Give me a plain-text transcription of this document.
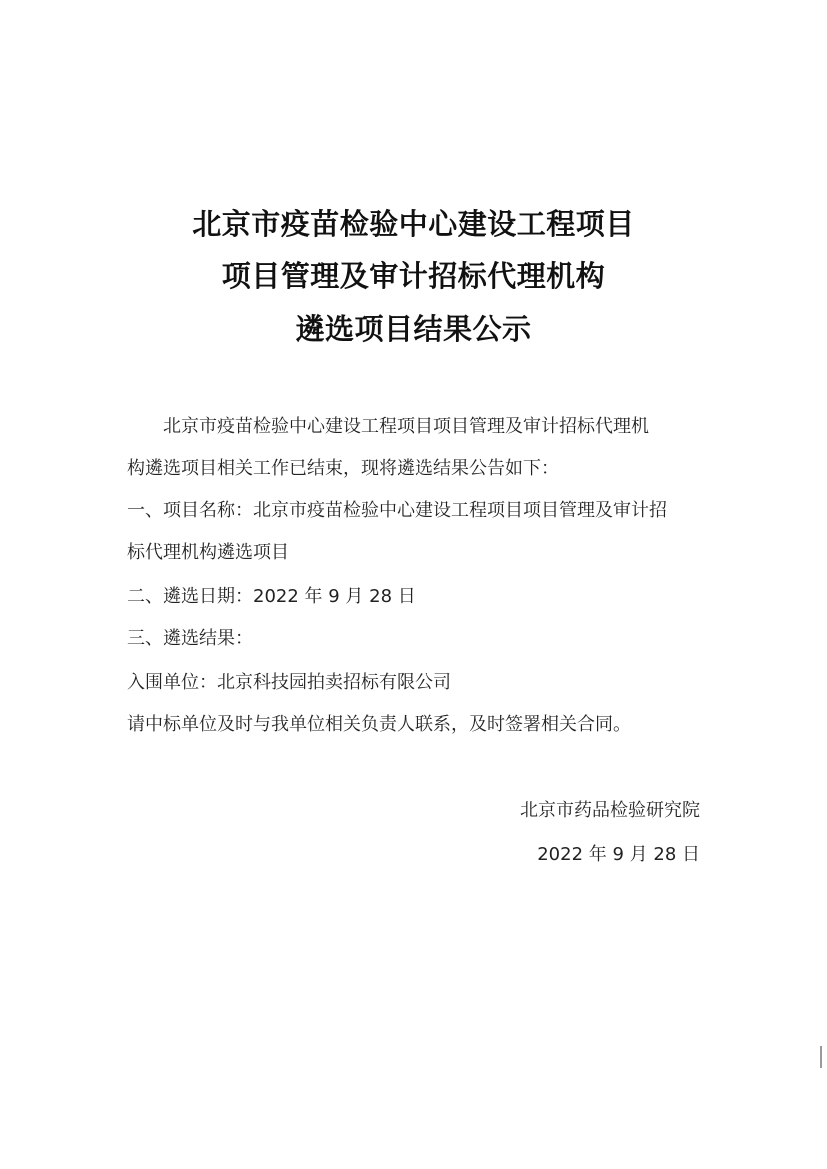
北京市疫苗检验中心建设工程项目
项目管理及审计招标代理机构
遴选项目结果公示
北京市疫苗检验中心建设工程项目项目管理及审计招标代理机
构遴选项目相关工作已结束，现将遴选结果公告如下：
一、项目名称：北京市疫苗检验中心建设工程项目项目管理及审计招
标代理机构遴选项目
二、遴选日期：2022 年 9 月 28 日
三、遴选结果：
入围单位：北京科技园拍卖招标有限公司
请中标单位及时与我单位相关负责人联系，及时签署相关合同。
北京市药品检验研究院
2022 年 9 月 28 日
